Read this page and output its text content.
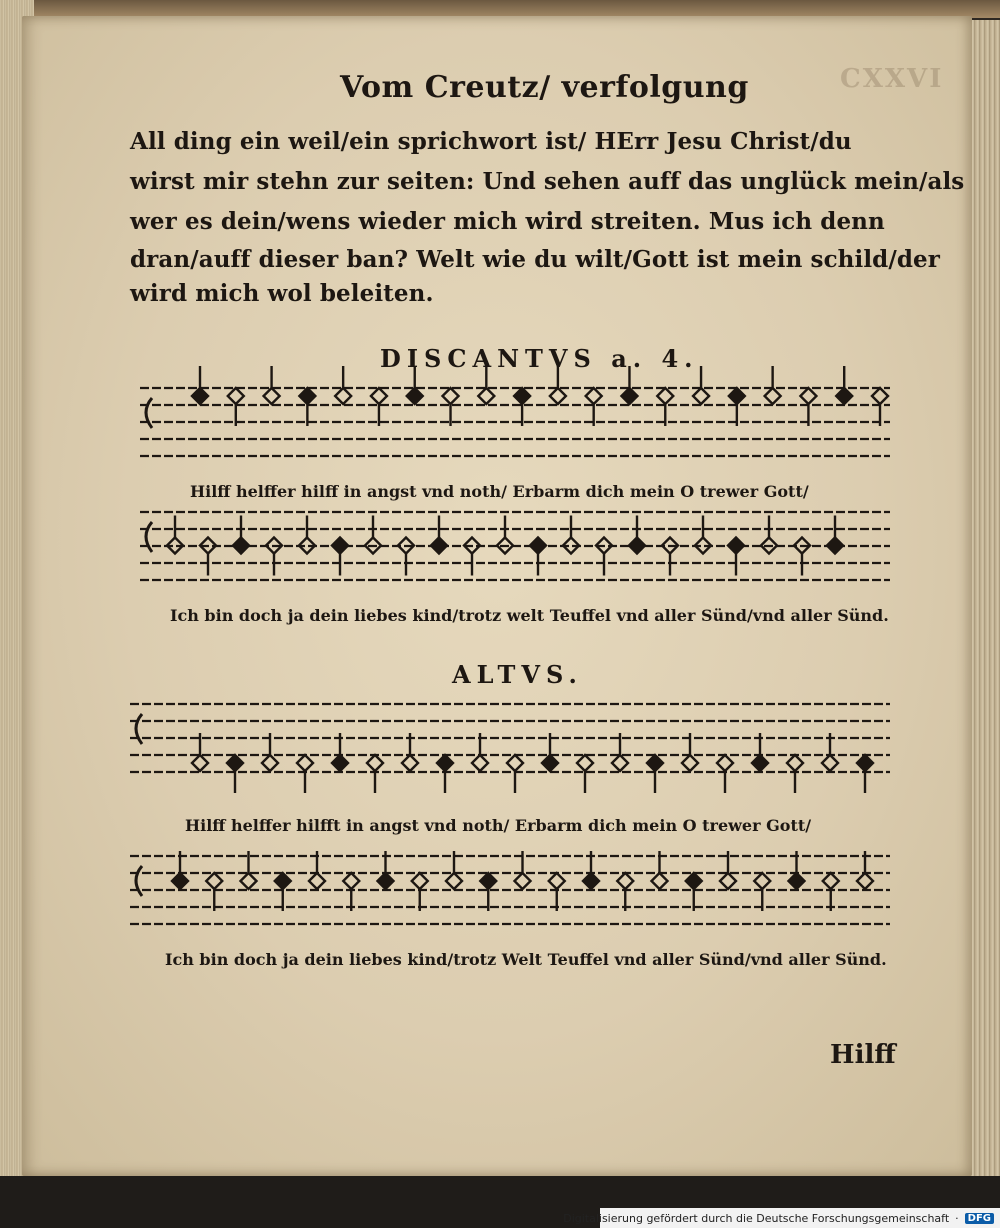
CXXVI
Vom Creutz/ verfolgung
All ding ein weil/ein sprichwort ist/ HErr Jesu Christ/du
wirst mir stehn zur seiten: Und sehen auff das unglück mein/als
wer es dein/wens wieder mich wird streiten. Mus ich denn
dran/auff dieser ban? Welt wie du wilt/Gott ist mein schild/der
wird mich wol beleiten.
DISCANTVS a. 4.
Hilff helffer hilff in angst vnd noth/ Erbarm dich mein O trewer Gott/
Ich bin doch ja dein liebes kind/trotz welt Teuffel vnd aller Sünd/vnd aller Sünd.
ALTVS.
Hilff helffer hilfft in angst vnd noth/ Erbarm dich mein O trewer Gott/
Ich bin doch ja dein liebes kind/trotz Welt Teuffel vnd aller Sünd/vnd aller Sünd.
Hilff
Digitalisierung gefördert durch die Deutsche Forschungsgemeinschaft · DFG
